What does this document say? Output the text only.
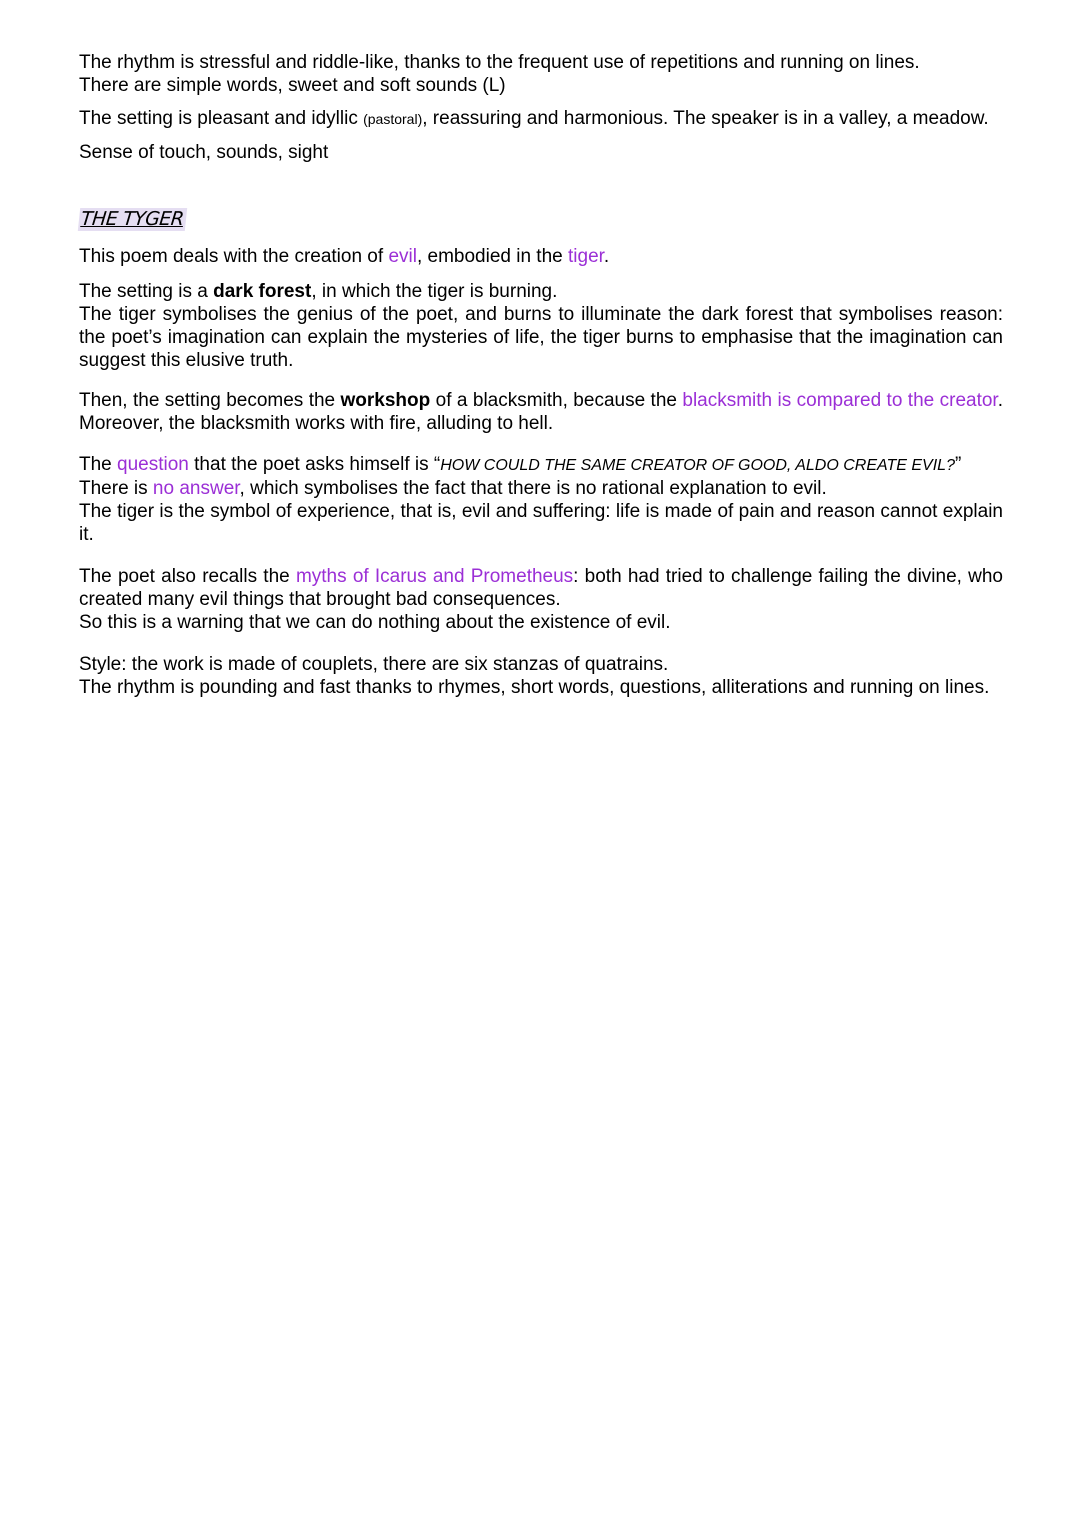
The rhythm is stressful and riddle-like, thanks to the frequent use of repetitions and running on lines.
There are simple words, sweet and soft sounds (L)

The setting is pleasant and idyllic (pastoral), reassuring and harmonious. The speaker is in a valley, a meadow.

Sense of touch, sounds, sight

THE TYGER

This poem deals with the creation of evil, embodied in the tiger.

The setting is a dark forest, in which the tiger is burning.
The tiger symbolises the genius of the poet, and burns to illuminate the dark forest that symbolises reason: the poet’s imagination can explain the mysteries of life, the tiger burns to emphasise that the imagination can suggest this elusive truth.

Then, the setting becomes the workshop of a blacksmith, because the blacksmith is compared to the creator. Moreover, the blacksmith works with fire, alluding to hell.

The question that the poet asks himself is “HOW COULD THE SAME CREATOR OF GOOD, ALDO CREATE EVIL?”
There is no answer, which symbolises the fact that there is no rational explanation to evil.
The tiger is the symbol of experience, that is, evil and suffering: life is made of pain and reason cannot explain it.

The poet also recalls the myths of Icarus and Prometheus: both had tried to challenge failing the divine, who created many evil things that brought bad consequences.
So this is a warning that we can do nothing about the existence of evil.

Style: the work is made of couplets, there are six stanzas of quatrains.
The rhythm is pounding and fast thanks to rhymes, short words, questions, alliterations and running on lines.
